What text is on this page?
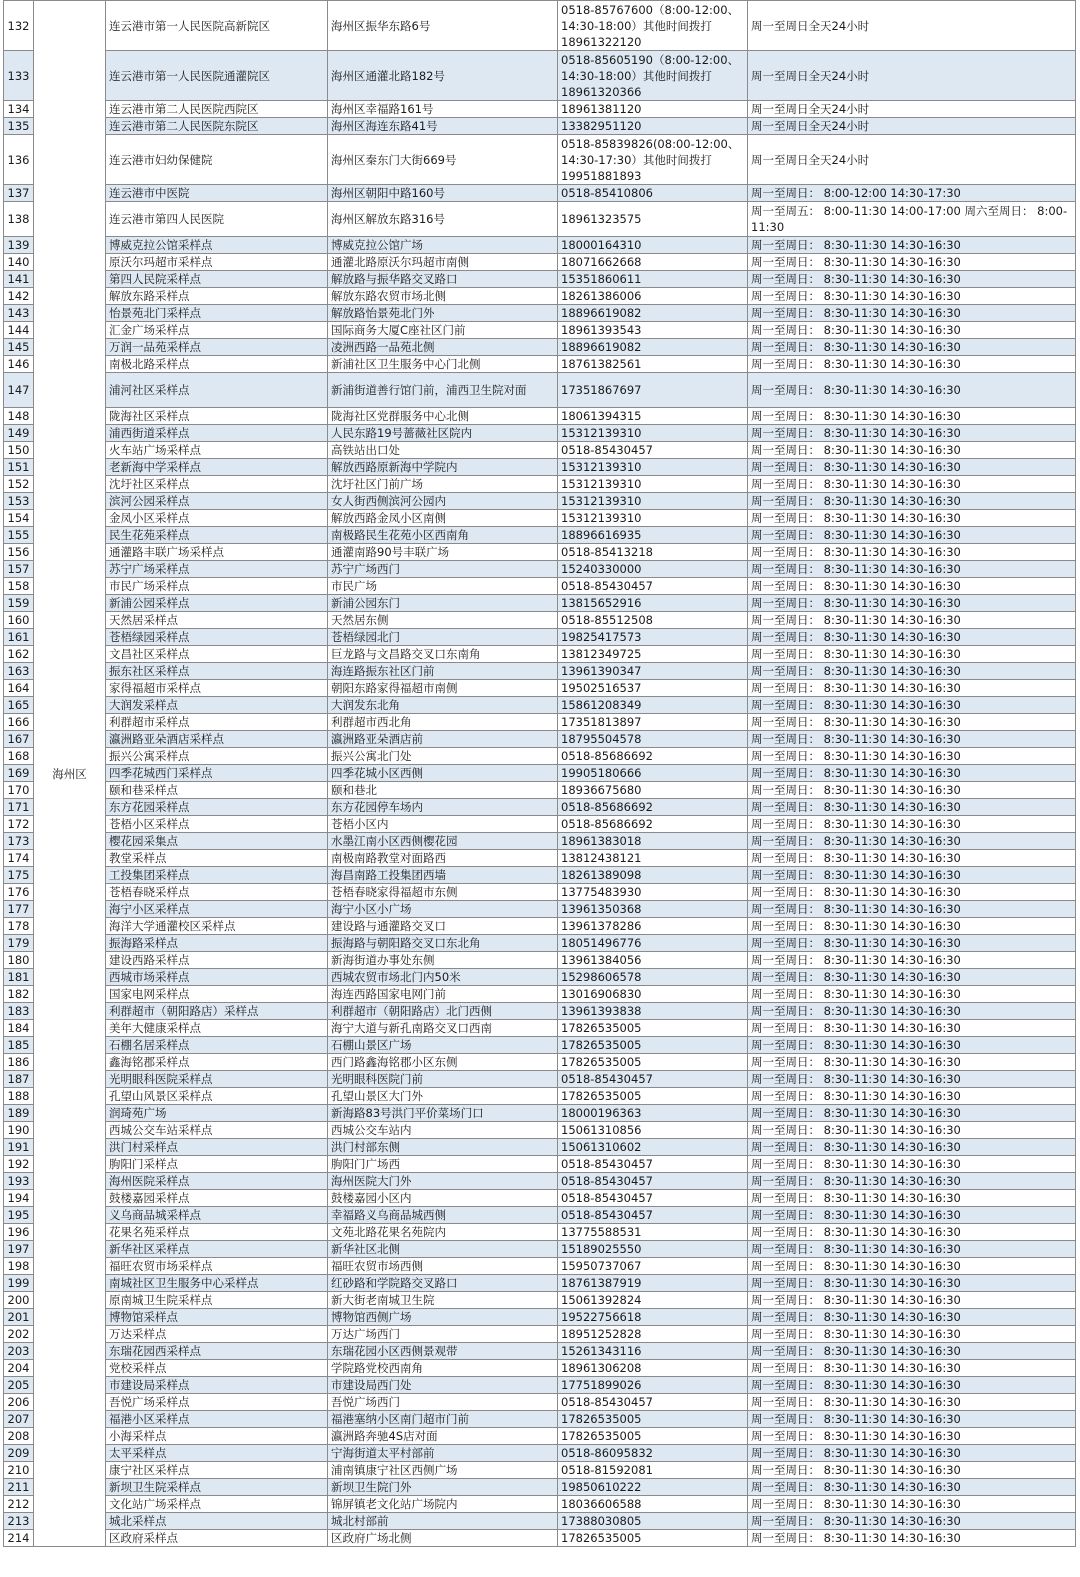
132	海州区	连云港市第一人民医院高新院区	海州区振华东路6号	0518-85767600（8:00-12:00、14:30-18:00）其他时间拨打18961322120	周一至周日全天24小时
133		连云港市第一人民医院通灌院区	海州区通灌北路182号	0518-85605190（8:00-12:00、14:30-18:00）其他时间拨打18961320366	周一至周日全天24小时
134		连云港市第二人民医院西院区	海州区幸福路161号	18961381120	周一至周日全天24小时
135		连云港市第二人民医院东院区	海州区海连东路41号	13382951120	周一至周日全天24小时
136		连云港市妇幼保健院	海州区秦东门大街669号	0518-85839826(08:00-12:00、14:30-17:30）其他时间拨打19951881893	周一至周日全天24小时
137		连云港市中医院	海州区朝阳中路160号	0518-85410806	周一至周日： 8:00-12:00 14:30-17:30
138		连云港市第四人民医院	海州区解放东路316号	18961323575	周一至周五： 8:00-11:30 14:00-17:00 周六至周日： 8:00-11:30
139		博威克拉公馆采样点	博威克拉公馆广场	18000164310	周一至周日： 8:30-11:30 14:30-16:30
140		原沃尔玛超市采样点	通灌北路原沃尔玛超市南侧	18071662668	周一至周日： 8:30-11:30 14:30-16:30
141		第四人民院采样点	解放路与振华路交叉路口	15351860611	周一至周日： 8:30-11:30 14:30-16:30
142		解放东路采样点	解放东路农贸市场北侧	18261386006	周一至周日： 8:30-11:30 14:30-16:30
143		怡景苑北门采样点	解放路怡景苑北门外	18896619082	周一至周日： 8:30-11:30 14:30-16:30
144		汇金广场采样点	国际商务大厦C座社区门前	18961393543	周一至周日： 8:30-11:30 14:30-16:30
145		万润一品苑采样点	凌洲西路一品苑北侧	18896619082	周一至周日： 8:30-11:30 14:30-16:30
146		南极北路采样点	新浦社区卫生服务中心门北侧	18761382561	周一至周日： 8:30-11:30 14:30-16:30
147		浦河社区采样点	新浦街道善行馆门前，浦西卫生院对面	17351867697	周一至周日： 8:30-11:30 14:30-16:30
148		陇海社区采样点	陇海社区党群服务中心北侧	18061394315	周一至周日： 8:30-11:30 14:30-16:30
149		浦西街道采样点	人民东路19号蔷薇社区院内	15312139310	周一至周日： 8:30-11:30 14:30-16:30
150		火车站广场采样点	高铁站出口处	0518-85430457	周一至周日： 8:30-11:30 14:30-16:30
151		老新海中学采样点	解放西路原新海中学院内	15312139310	周一至周日： 8:30-11:30 14:30-16:30
152		沈圩社区采样点	沈圩社区门前广场	15312139310	周一至周日： 8:30-11:30 14:30-16:30
153		滨河公园采样点	女人街西侧滨河公园内	15312139310	周一至周日： 8:30-11:30 14:30-16:30
154		金凤小区采样点	解放西路金凤小区南侧	15312139310	周一至周日： 8:30-11:30 14:30-16:30
155		民生花苑采样点	南极路民生花苑小区西南角	18896616935	周一至周日： 8:30-11:30 14:30-16:30
156		通灌路丰联广场采样点	通灌南路90号丰联广场	0518-85413218	周一至周日： 8:30-11:30 14:30-16:30
157		苏宁广场采样点	苏宁广场西门	15240330000	周一至周日： 8:30-11:30 14:30-16:30
158		市民广场采样点	市民广场	0518-85430457	周一至周日： 8:30-11:30 14:30-16:30
159		新浦公园采样点	新浦公园东门	13815652916	周一至周日： 8:30-11:30 14:30-16:30
160		天然居采样点	天然居东侧	0518-85512508	周一至周日： 8:30-11:30 14:30-16:30
161		苍梧绿园采样点	苍梧绿园北门	19825417573	周一至周日： 8:30-11:30 14:30-16:30
162		文昌社区采样点	巨龙路与文昌路交叉口东南角	13812349725	周一至周日： 8:30-11:30 14:30-16:30
163		振东社区采样点	海连路振东社区门前	13961390347	周一至周日： 8:30-11:30 14:30-16:30
164		家得福超市采样点	朝阳东路家得福超市南侧	19502516537	周一至周日： 8:30-11:30 14:30-16:30
165		大润发采样点	大润发东北角	15861208349	周一至周日： 8:30-11:30 14:30-16:30
166		利群超市采样点	利群超市西北角	17351813897	周一至周日： 8:30-11:30 14:30-16:30
167		瀛洲路亚朵酒店采样点	瀛洲路亚朵酒店前	18795504578	周一至周日： 8:30-11:30 14:30-16:30
168		振兴公寓采样点	振兴公寓北门处	0518-85686692	周一至周日： 8:30-11:30 14:30-16:30
169		四季花城西门采样点	四季花城小区西侧	19905180666	周一至周日： 8:30-11:30 14:30-16:30
170		颐和巷采样点	颐和巷北	18936675680	周一至周日： 8:30-11:30 14:30-16:30
171		东方花园采样点	东方花园停车场内	0518-85686692	周一至周日： 8:30-11:30 14:30-16:30
172		苍梧小区采样点	苍梧小区内	0518-85686692	周一至周日： 8:30-11:30 14:30-16:30
173		樱花园采集点	水墨江南小区西侧樱花园	18961383018	周一至周日： 8:30-11:30 14:30-16:30
174		教堂采样点	南极南路教堂对面路西	13812438121	周一至周日： 8:30-11:30 14:30-16:30
175		工投集团采样点	海昌南路工投集团西墙	18261389098	周一至周日： 8:30-11:30 14:30-16:30
176		苍梧春晓采样点	苍梧春晓家得福超市东侧	13775483930	周一至周日： 8:30-11:30 14:30-16:30
177		海宁小区采样点	海宁小区小广场	13961350368	周一至周日： 8:30-11:30 14:30-16:30
178		海洋大学通灌校区采样点	建设路与通灌路交叉口	13961378286	周一至周日： 8:30-11:30 14:30-16:30
179		振海路采样点	振海路与朝阳路交叉口东北角	18051496776	周一至周日： 8:30-11:30 14:30-16:30
180		建设西路采样点	新海街道办事处东侧	13961384056	周一至周日： 8:30-11:30 14:30-16:30
181		西城市场采样点	西城农贸市场北门内50米	15298606578	周一至周日： 8:30-11:30 14:30-16:30
182		国家电网采样点	海连西路国家电网门前	13016906830	周一至周日： 8:30-11:30 14:30-16:30
183		利群超市（朝阳路店）采样点	利群超市（朝阳路店）北门西侧	13961393838	周一至周日： 8:30-11:30 14:30-16:30
184		美年大健康采样点	海宁大道与新孔南路交叉口西南	17826535005	周一至周日： 8:30-11:30 14:30-16:30
185		石棚名居采样点	石棚山景区广场	17826535005	周一至周日： 8:30-11:30 14:30-16:30
186		鑫海铭郡采样点	西门路鑫海铭郡小区东侧	17826535005	周一至周日： 8:30-11:30 14:30-16:30
187		光明眼科医院采样点	光明眼科医院门前	0518-85430457	周一至周日： 8:30-11:30 14:30-16:30
188		孔望山风景区采样点	孔望山景区大门外	17826535005	周一至周日： 8:30-11:30 14:30-16:30
189		润琦苑广场	新海路83号洪门平价菜场门口	18000196363	周一至周日： 8:30-11:30 14:30-16:30
190		西城公交车站采样点	西城公交车站内	15061310856	周一至周日： 8:30-11:30 14:30-16:30
191		洪门村采样点	洪门村部东侧	15061310602	周一至周日： 8:30-11:30 14:30-16:30
192		朐阳门采样点	朐阳门广场西	0518-85430457	周一至周日： 8:30-11:30 14:30-16:30
193		海州医院采样点	海州医院大门外	0518-85430457	周一至周日： 8:30-11:30 14:30-16:30
194		鼓楼嘉园采样点	鼓楼嘉园小区内	0518-85430457	周一至周日： 8:30-11:30 14:30-16:30
195		义乌商品城采样点	幸福路义乌商品城西侧	0518-85430457	周一至周日： 8:30-11:30 14:30-16:30
196		花果名苑采样点	文苑北路花果名苑院内	13775588531	周一至周日： 8:30-11:30 14:30-16:30
197		新华社区采样点	新华社区北侧	15189025550	周一至周日： 8:30-11:30 14:30-16:30
198		福旺农贸市场采样点	福旺农贸市场西侧	15950737067	周一至周日： 8:30-11:30 14:30-16:30
199		南城社区卫生服务中心采样点	红砂路和学院路交叉路口	18761387919	周一至周日： 8:30-11:30 14:30-16:30
200		原南城卫生院采样点	新大街老南城卫生院	15061392824	周一至周日： 8:30-11:30 14:30-16:30
201		博物馆采样点	博物馆西侧广场	19522756618	周一至周日： 8:30-11:30 14:30-16:30
202		万达采样点	万达广场西门	18951252828	周一至周日： 8:30-11:30 14:30-16:30
203		东瑞花园西采样点	东瑞花园小区西侧景观带	15261343116	周一至周日： 8:30-11:30 14:30-16:30
204		党校采样点	学院路党校西南角	18961306208	周一至周日： 8:30-11:30 14:30-16:30
205		市建设局采样点	市建设局西门处	17751899026	周一至周日： 8:30-11:30 14:30-16:30
206		吾悦广场采样点	吾悦广场西门	0518-85430457	周一至周日： 8:30-11:30 14:30-16:30
207		福港小区采样点	福港塞纳小区南门超市门前	17826535005	周一至周日： 8:30-11:30 14:30-16:30
208		小海采样点	瀛洲路奔驰4S店对面	17826535005	周一至周日： 8:30-11:30 14:30-16:30
209		太平采样点	宁海街道太平村部前	0518-86095832	周一至周日： 8:30-11:30 14:30-16:30
210		康宁社区采样点	浦南镇康宁社区西侧广场	0518-81592081	周一至周日： 8:30-11:30 14:30-16:30
211		新坝卫生院采样点	新坝卫生院门外	19850610222	周一至周日： 8:30-11:30 14:30-16:30
212		文化站广场采样点	锦屏镇老文化站广场院内	18036606588	周一至周日： 8:30-11:30 14:30-16:30
213		城北采样点	城北村部前	17388030805	周一至周日： 8:30-11:30 14:30-16:30
214		区政府采样点	区政府广场北侧	17826535005	周一至周日： 8:30-11:30 14:30-16:30
